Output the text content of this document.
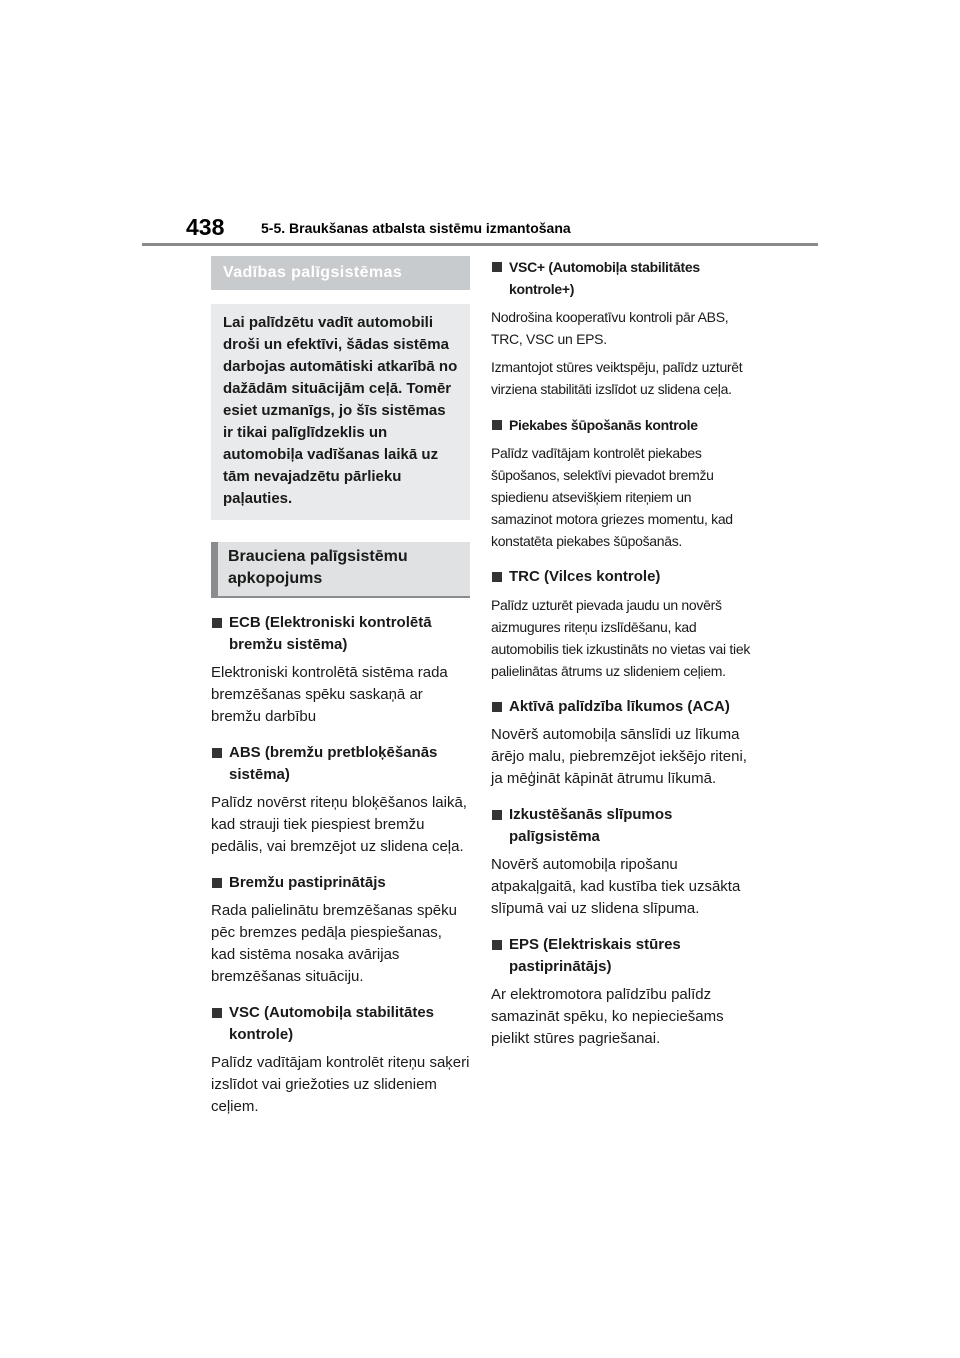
438	5-5. Braukšanas atbalsta sistēmu izmantošana
Vadības palīgsistēmas
Lai palīdzētu vadīt automobili droši un efektīvi, šādas sistēma darbojas automātiski atkarībā no dažādām situācijām ceļā. Tomēr esiet uzmanīgs, jo šīs sistēmas ir tikai palīglīdzeklis un automobiļa vadīšanas laikā uz tām nevajadzētu pārlieku paļauties.
Brauciena palīgsistēmu apkopojums
ECB (Elektroniski kontrolētā bremžu sistēma)
Elektroniski kontrolētā sistēma rada bremzēšanas spēku saskaņā ar bremžu darbību
ABS (bremžu pretbloķēšanās sistēma)
Palīdz novērst riteņu bloķēšanos laikā, kad strauji tiek piespiest bremžu pedālis, vai bremzējot uz slidena ceļa.
Bremžu pastiprinātājs
Rada palielinātu bremzēšanas spēku pēc bremzes pedāļa piespiešanas, kad sistēma nosaka avārijas bremzēšanas situāciju.
VSC (Automobiļa stabilitātes kontrole)
Palīdz vadītājam kontrolēt riteņu saķeri izslīdot vai griežoties uz slideniem ceļiem.
VSC+ (Automobiļa stabilitātes kontrole+)
Nodrošina kooperatīvu kontroli pār ABS, TRC, VSC un EPS.
Izmantojot stūres veiktspēju, palīdz uzturēt virziena stabilitāti izslīdot uz slidena ceļa.
Piekabes šūpošanās kontrole
Palīdz vadītājam kontrolēt piekabes šūpošanos, selektīvi pievadot bremžu spiedienu atsevišķiem riteņiem un samazinot motora griezes momentu, kad konstatēta piekabes šūpošanās.
TRC (Vilces kontrole)
Palīdz uzturēt pievada jaudu un novērš aizmugures riteņu izslīdēšanu, kad automobilis tiek izkustināts no vietas vai tiek palielinātas ātrums uz slideniem ceļiem.
Aktīvā palīdzība līkumos (ACA)
Novērš automobiļa sānslīdi uz līkuma ārējo malu, piebremzējot iekšējo riteni, ja mēģināt kāpināt ātrumu līkumā.
Izkustēšanās slīpumos palīgsistēma
Novērš automobiļa ripošanu atpakaļgaitā, kad kustība tiek uzsākta slīpumā vai uz slidena slīpuma.
EPS (Elektriskais stūres pastiprinātājs)
Ar elektromotora palīdzību palīdz samazināt spēku, ko nepieciešams pielikt stūres pagriešanai.
